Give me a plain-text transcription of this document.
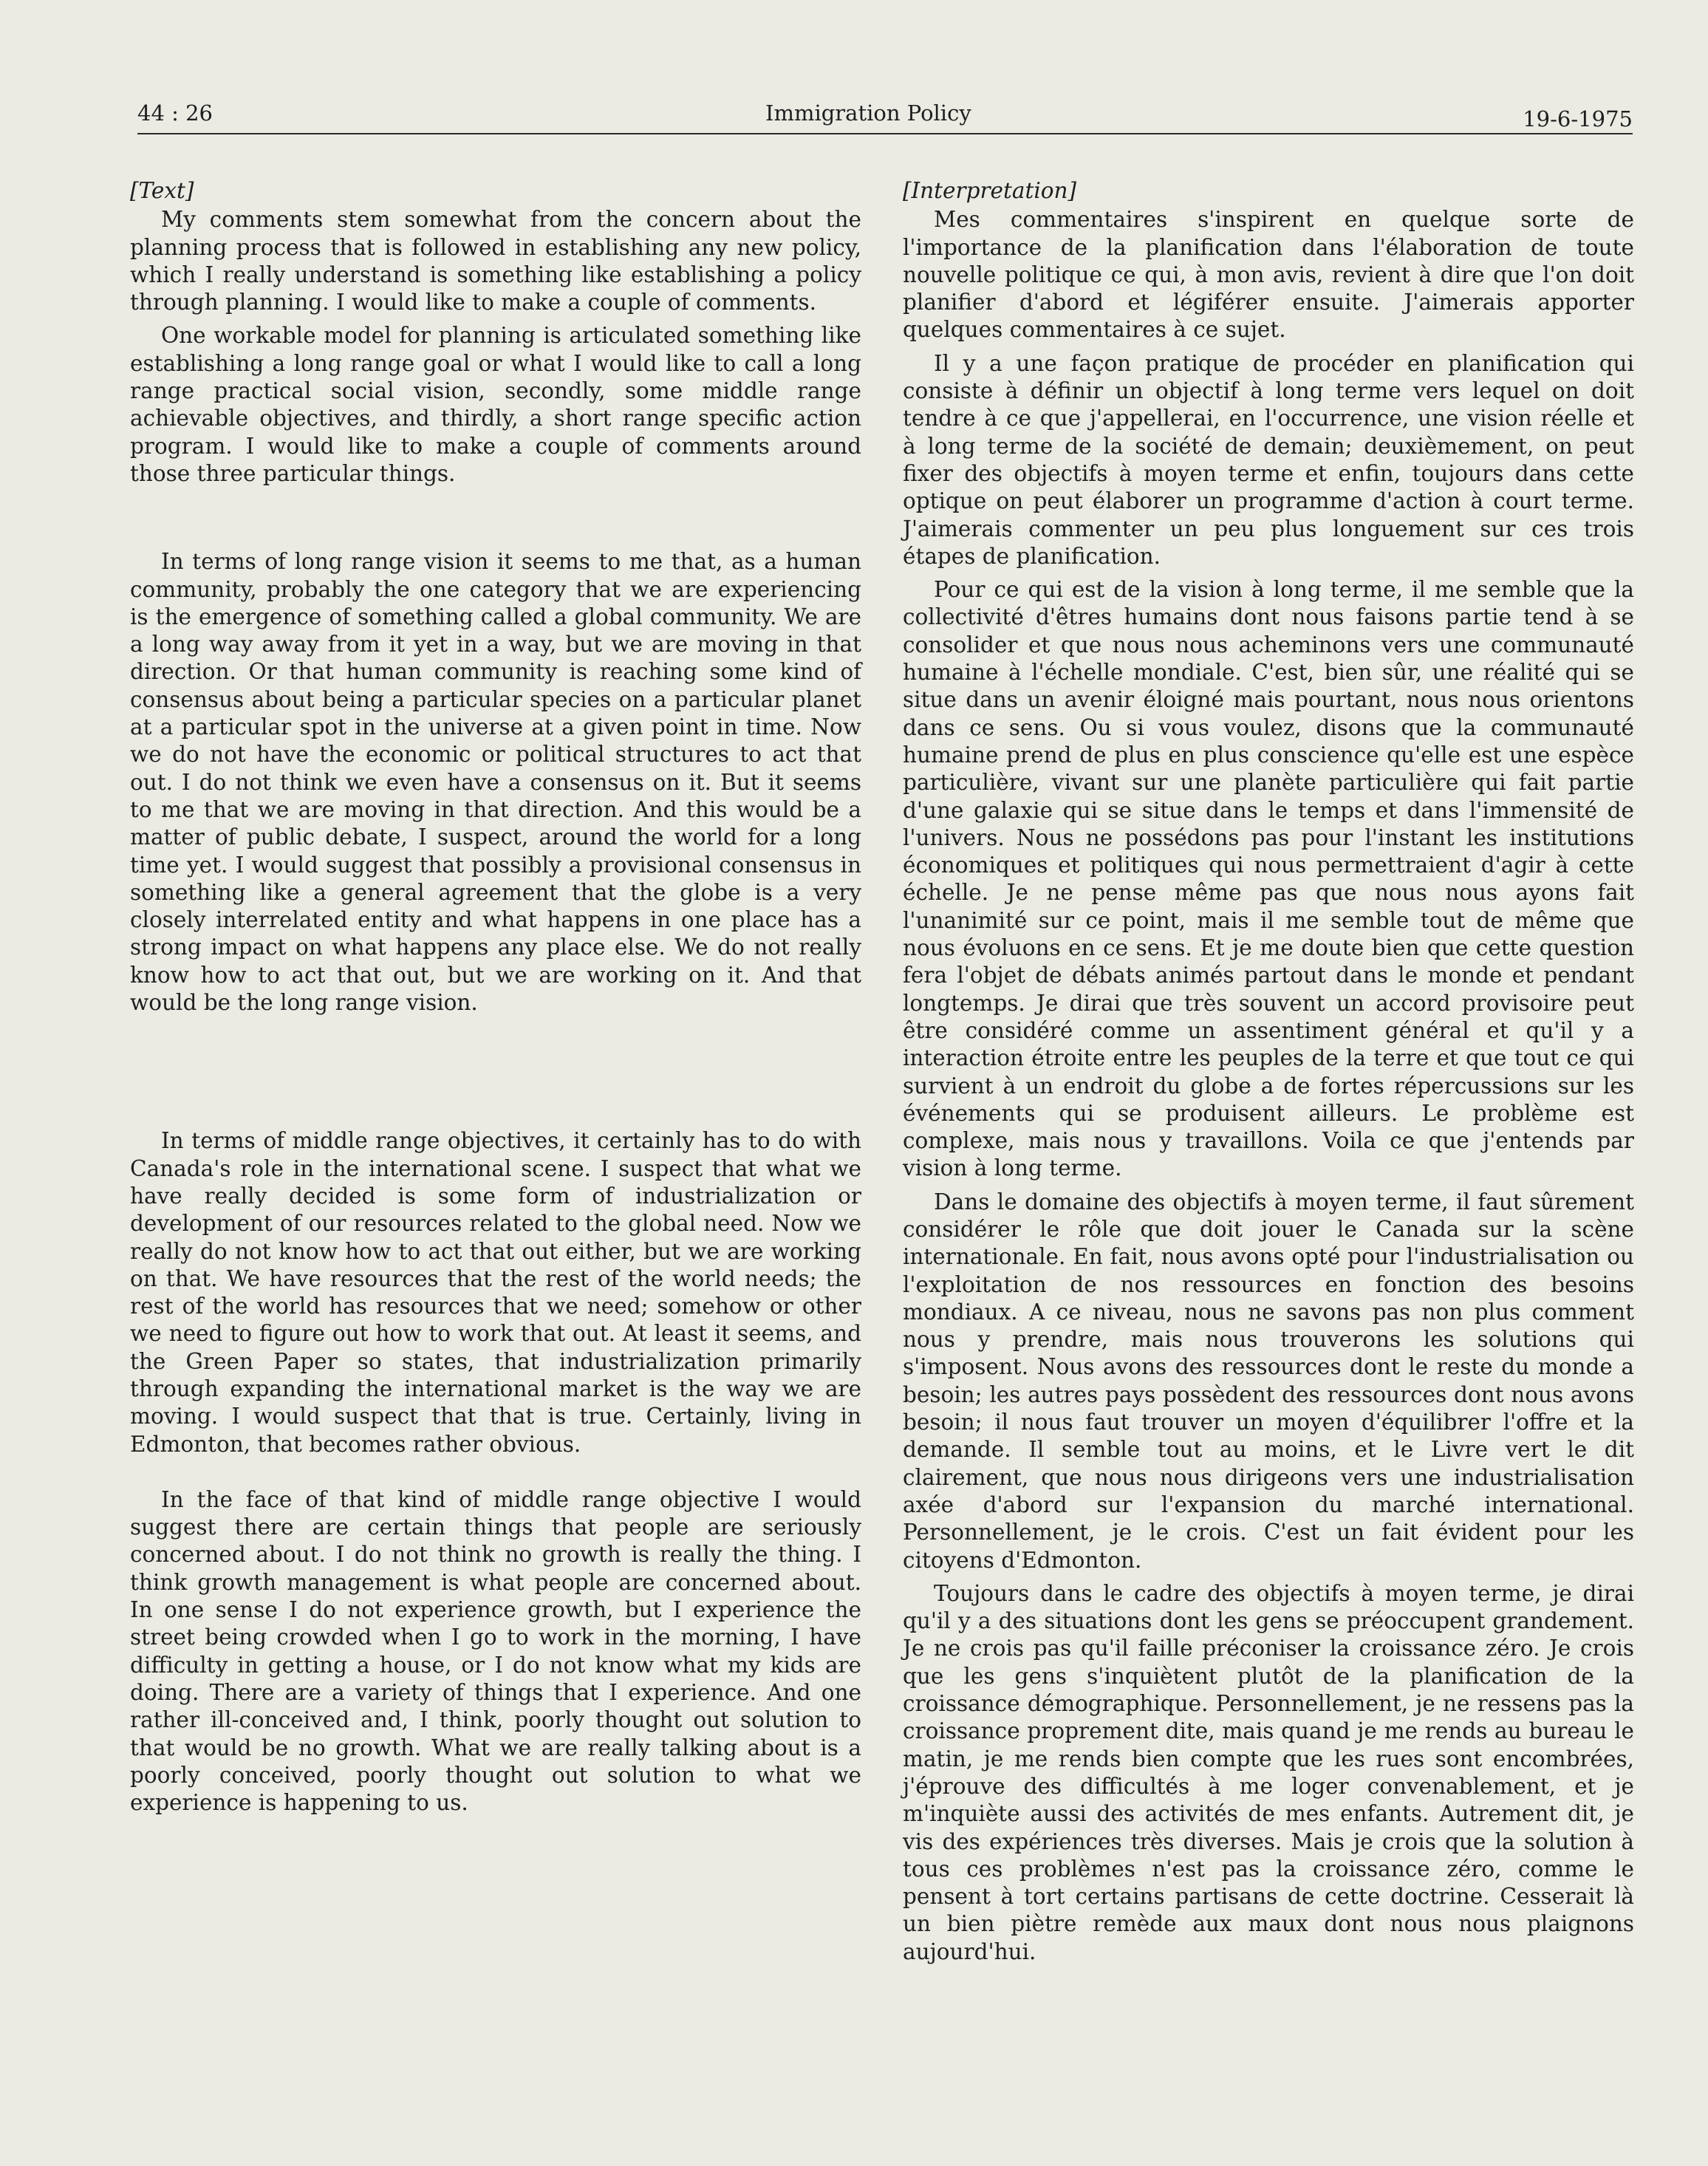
44 : 26	Immigration Policy	19-6-1975

[Text]

My comments stem somewhat from the concern about the planning process that is followed in establishing any new policy, which I really understand is something like establishing a policy through planning. I would like to make a couple of comments.

One workable model for planning is articulated something like establishing a long range goal or what I would like to call a long range practical social vision, secondly, some middle range achievable objectives, and thirdly, a short range specific action program. I would like to make a couple of comments around those three particular things.

In terms of long range vision it seems to me that, as a human community, probably the one category that we are experiencing is the emergence of something called a global community. We are a long way away from it yet in a way, but we are moving in that direction. Or that human community is reaching some kind of consensus about being a particular species on a particular planet at a particular spot in the universe at a given point in time. Now we do not have the economic or political structures to act that out. I do not think we even have a consensus on it. But it seems to me that we are moving in that direction. And this would be a matter of public debate, I suspect, around the world for a long time yet. I would suggest that possibly a provisional consensus in something like a general agreement that the globe is a very closely interrelated entity and what happens in one place has a strong impact on what happens any place else. We do not really know how to act that out, but we are working on it. And that would be the long range vision.

In terms of middle range objectives, it certainly has to do with Canada's role in the international scene. I suspect that what we have really decided is some form of industrialization or development of our resources related to the global need. Now we really do not know how to act that out either, but we are working on that. We have resources that the rest of the world needs; the rest of the world has resources that we need; somehow or other we need to figure out how to work that out. At least it seems, and the Green Paper so states, that industrialization primarily through expanding the international market is the way we are moving. I would suspect that that is true. Certainly, living in Edmonton, that becomes rather obvious.

In the face of that kind of middle range objective I would suggest there are certain things that people are seriously concerned about. I do not think no growth is really the thing. I think growth management is what people are concerned about. In one sense I do not experience growth, but I experience the street being crowded when I go to work in the morning, I have difficulty in getting a house, or I do not know what my kids are doing. There are a variety of things that I experience. And one rather ill-conceived and, I think, poorly thought out solution to that would be no growth. What we are really talking about is a poorly conceived, poorly thought out solution to what we experience is happening to us.

[Interpretation]

Mes commentaires s'inspirent en quelque sorte de l'importance de la planification dans l'élaboration de toute nouvelle politique ce qui, à mon avis, revient à dire que l'on doit planifier d'abord et légiférer ensuite. J'aimerais apporter quelques commentaires à ce sujet.

Il y a une façon pratique de procéder en planification qui consiste à définir un objectif à long terme vers lequel on doit tendre à ce que j'appellerai, en l'occurrence, une vision réelle et à long terme de la société de demain; deuxièmement, on peut fixer des objectifs à moyen terme et enfin, toujours dans cette optique on peut élaborer un programme d'action à court terme. J'aimerais commenter un peu plus longuement sur ces trois étapes de planification.

Pour ce qui est de la vision à long terme, il me semble que la collectivité d'êtres humains dont nous faisons partie tend à se consolider et que nous nous acheminons vers une communauté humaine à l'échelle mondiale. C'est, bien sûr, une réalité qui se situe dans un avenir éloigné mais pourtant, nous nous orientons dans ce sens. Ou si vous voulez, disons que la communauté humaine prend de plus en plus conscience qu'elle est une espèce particulière, vivant sur une planète particulière qui fait partie d'une galaxie qui se situe dans le temps et dans l'immensité de l'univers. Nous ne possédons pas pour l'instant les institutions économiques et politiques qui nous permettraient d'agir à cette échelle. Je ne pense même pas que nous nous ayons fait l'unanimité sur ce point, mais il me semble tout de même que nous évoluons en ce sens. Et je me doute bien que cette question fera l'objet de débats animés partout dans le monde et pendant longtemps. Je dirai que très souvent un accord provisoire peut être considéré comme un assentiment général et qu'il y a interaction étroite entre les peuples de la terre et que tout ce qui survient à un endroit du globe a de fortes répercussions sur les événements qui se produisent ailleurs. Le problème est complexe, mais nous y travaillons. Voila ce que j'entends par vision à long terme.

Dans le domaine des objectifs à moyen terme, il faut sûrement considérer le rôle que doit jouer le Canada sur la scène internationale. En fait, nous avons opté pour l'industrialisation ou l'exploitation de nos ressources en fonction des besoins mondiaux. A ce niveau, nous ne savons pas non plus comment nous y prendre, mais nous trouverons les solutions qui s'imposent. Nous avons des ressources dont le reste du monde a besoin; les autres pays possèdent des ressources dont nous avons besoin; il nous faut trouver un moyen d'équilibrer l'offre et la demande. Il semble tout au moins, et le Livre vert le dit clairement, que nous nous dirigeons vers une industrialisation axée d'abord sur l'expansion du marché international. Personnellement, je le crois. C'est un fait évident pour les citoyens d'Edmonton.

Toujours dans le cadre des objectifs à moyen terme, je dirai qu'il y a des situations dont les gens se préoccupent grandement. Je ne crois pas qu'il faille préconiser la croissance zéro. Je crois que les gens s'inquiètent plutôt de la planification de la croissance démographique. Personnellement, je ne ressens pas la croissance proprement dite, mais quand je me rends au bureau le matin, je me rends bien compte que les rues sont encombrées, j'éprouve des difficultés à me loger convenablement, et je m'inquiète aussi des activités de mes enfants. Autrement dit, je vis des expériences très diverses. Mais je crois que la solution à tous ces problèmes n'est pas la croissance zéro, comme le pensent à tort certains partisans de cette doctrine. Cesserait là un bien piètre remède aux maux dont nous nous plaignons aujourd'hui.
